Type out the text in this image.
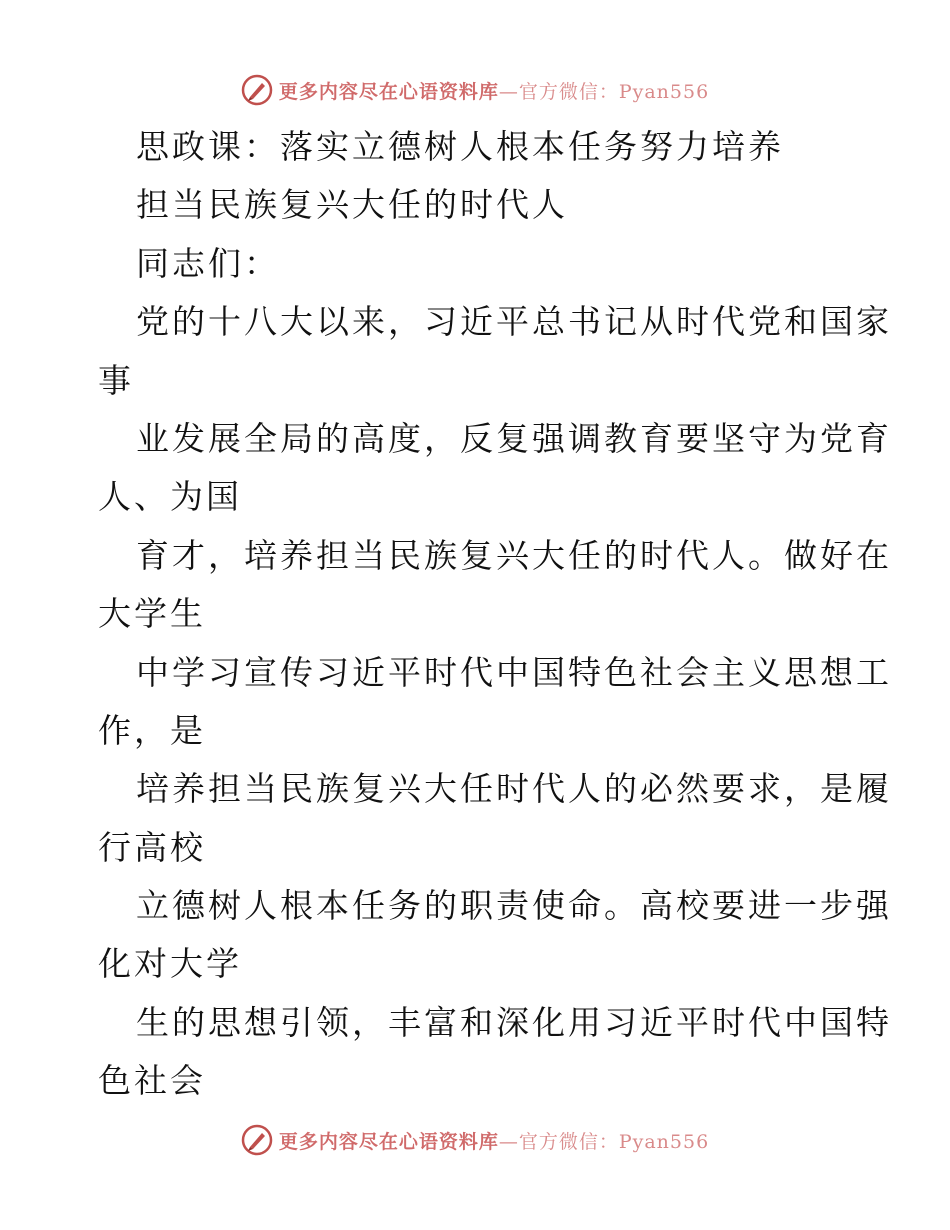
更多内容尽在心语资料库—官方微信：Pyan556
思政课：落实立德树人根本任务努力培养
担当民族复兴大任的时代人
同志们：
党的十八大以来，习近平总书记从时代党和国家
事
业发展全局的高度，反复强调教育要坚守为党育
人、为国
育才，培养担当民族复兴大任的时代人。做好在
大学生
中学习宣传习近平时代中国特色社会主义思想工
作，是
培养担当民族复兴大任时代人的必然要求，是履
行高校
立德树人根本任务的职责使命。高校要进一步强
化对大学
生的思想引领，丰富和深化用习近平时代中国特
色社会
更多内容尽在心语资料库—官方微信：Pyan556
